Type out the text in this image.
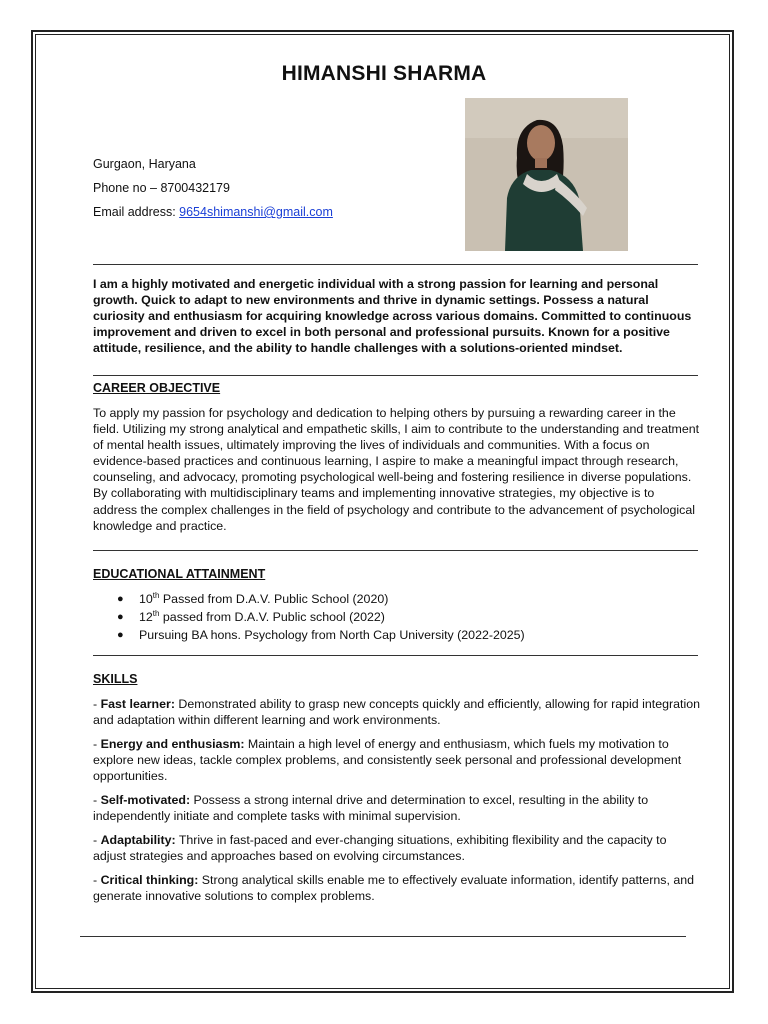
HIMANSHI SHARMA
Gurgaon, Haryana
Phone no – 8700432179
Email address: 9654shimanshi@gmail.com

I am a highly motivated and energetic individual with a strong passion for learning and personal growth. Quick to adapt to new environments and thrive in dynamic settings. Possess a natural curiosity and enthusiasm for acquiring knowledge across various domains. Committed to continuous improvement and driven to excel in both personal and professional pursuits. Known for a positive attitude, resilience, and the ability to handle challenges with a solutions-oriented mindset.

CAREER OBJECTIVE

To apply my passion for psychology and dedication to helping others by pursuing a rewarding career in the field. Utilizing my strong analytical and empathetic skills, I aim to contribute to the understanding and treatment of mental health issues, ultimately improving the lives of individuals and communities. With a focus on evidence-based practices and continuous learning, I aspire to make a meaningful impact through research, counseling, and advocacy, promoting psychological well-being and fostering resilience in diverse populations. By collaborating with multidisciplinary teams and implementing innovative strategies, my objective is to address the complex challenges in the field of psychology and contribute to the advancement of psychological knowledge and practice.

EDUCATIONAL ATTAINMENT
● 10th Passed from D.A.V. Public School (2020)
● 12th passed from D.A.V. Public school (2022)
● Pursuing BA hons. Psychology from North Cap University (2022-2025)
SKILLS

- Fast learner: Demonstrated ability to grasp new concepts quickly and efficiently, allowing for rapid integration and adaptation within different learning and work environments.

- Energy and enthusiasm: Maintain a high level of energy and enthusiasm, which fuels my motivation to explore new ideas, tackle complex problems, and consistently seek personal and professional development opportunities.

- Self-motivated: Possess a strong internal drive and determination to excel, resulting in the ability to independently initiate and complete tasks with minimal supervision.

- Adaptability: Thrive in fast-paced and ever-changing situations, exhibiting flexibility and the capacity to adjust strategies and approaches based on evolving circumstances.

- Critical thinking: Strong analytical skills enable me to effectively evaluate information, identify patterns, and generate innovative solutions to complex problems.
